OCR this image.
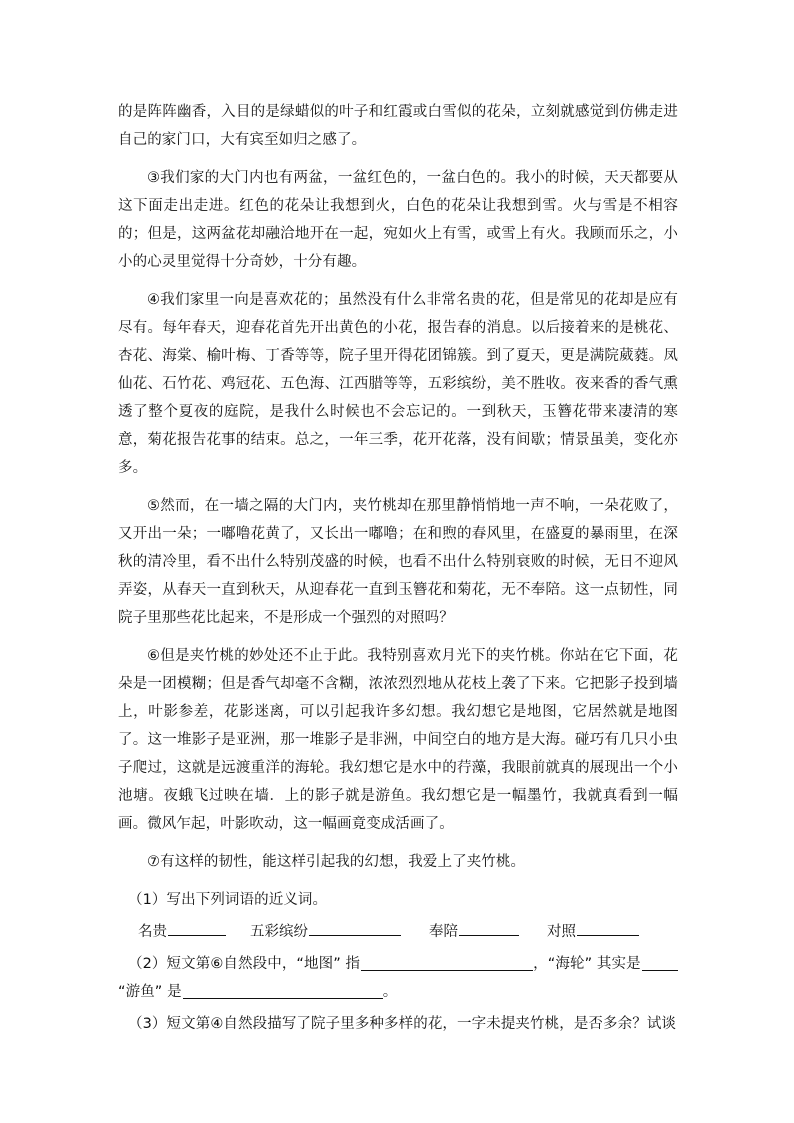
的是阵阵幽香，入目的是绿蜡似的叶子和红霞或白雪似的花朵，立刻就感觉到仿佛走进自己的家门口，大有宾至如归之感了。

③我们家的大门内也有两盆，一盆红色的，一盆白色的。我小的时候，天天都要从这下面走出走进。红色的花朵让我想到火，白色的花朵让我想到雪。火与雪是不相容的；但是，这两盆花却融洽地开在一起，宛如火上有雪，或雪上有火。我顾而乐之，小小的心灵里觉得十分奇妙，十分有趣。

④我们家里一向是喜欢花的；虽然没有什么非常名贵的花，但是常见的花却是应有尽有。每年春天，迎春花首先开出黄色的小花，报告春的消息。以后接着来的是桃花、杏花、海棠、榆叶梅、丁香等等，院子里开得花团锦簇。到了夏天，更是满院葳蕤。凤仙花、石竹花、鸡冠花、五色海、江西腊等等，五彩缤纷，美不胜收。夜来香的香气熏透了整个夏夜的庭院，是我什么时候也不会忘记的。一到秋天，玉簪花带来凄清的寒意，菊花报告花事的结束。总之，一年三季，花开花落，没有间歇；情景虽美，变化亦多。

⑤然而，在一墙之隔的大门内，夹竹桃却在那里静悄悄地一声不响，一朵花败了，又开出一朵；一嘟噜花黄了，又长出一嘟噜；在和煦的春风里，在盛夏的暴雨里，在深秋的清冷里，看不出什么特别茂盛的时候，也看不出什么特别衰败的时候，无日不迎风弄姿，从春天一直到秋天，从迎春花一直到玉簪花和菊花，无不奉陪。这一点韧性，同院子里那些花比起来，不是形成一个强烈的对照吗？

⑥但是夹竹桃的妙处还不止于此。我特别喜欢月光下的夹竹桃。你站在它下面，花朵是一团模糊；但是香气却毫不含糊，浓浓烈烈地从花枝上袭了下来。它把影子投到墙上，叶影参差，花影迷离，可以引起我许多幻想。我幻想它是地图，它居然就是地图了。这一堆影子是亚洲，那一堆影子是非洲，中间空白的地方是大海。碰巧有几只小虫子爬过，这就是远渡重洋的海轮。我幻想它是水中的荇藻，我眼前就真的展现出一个小池塘。夜蛾飞过映在墙．上的影子就是游鱼。我幻想它是一幅墨竹，我就真看到一幅画。微风乍起，叶影吹动，这一幅画竟变成活画了。

⑦有这样的韧性，能这样引起我的幻想，我爱上了夹竹桃。

（1）写出下列词语的近义词。

名贵	五彩缤纷	奉陪	对照

（2）短文第⑥自然段中，“地图” 指	，“海轮” 其实是
“游鱼” 是	。

（3）短文第④自然段描写了院子里多种多样的花，一字未提夹竹桃，是否多余？试谈
